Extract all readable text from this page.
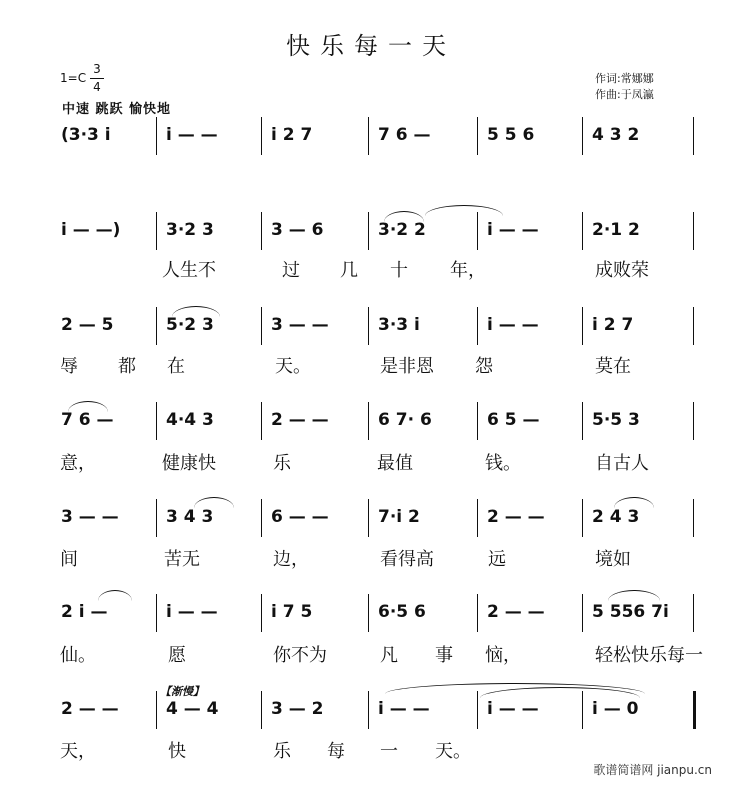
快乐每一天
1=C
3
4
中速 跳跃 愉快地
作词:常娜娜
作曲:于凤瀛
(3·3 i	i — —	i 2 7	7 6 —	5 5 6	4 3 2
i — —)	3·2 3	3 — 6	3·2 2	i — —	2·1 2
2 — 5	5·2 3	3 — —	3·3 i	i — —	i 2 7
7 6 —	4·4 3	2 — —	6 7· 6	6 5 —	5·5 3
3 — —	3 4 3	6 — —	7·i 2	2 — —	2 4 3
2 i —	i — —	i 7 5	6·5 6	2 — —	5 556 7i
2 — —	4 — 4	3 — 2	i — —	i — —	i — 0
人生不	过 几 十 年，	成败荣
辱 都 在	天。	是非恩 怨	莫在
意，	健康快	乐	最值	钱。	自古人
间	苦无	边，	看得高	远	境如
仙。	愿	你不为	凡 事 恼，	轻松快乐每一
天，	快	乐 每 一 天。
【渐慢】
歌谱简谱网 jianpu.cn
